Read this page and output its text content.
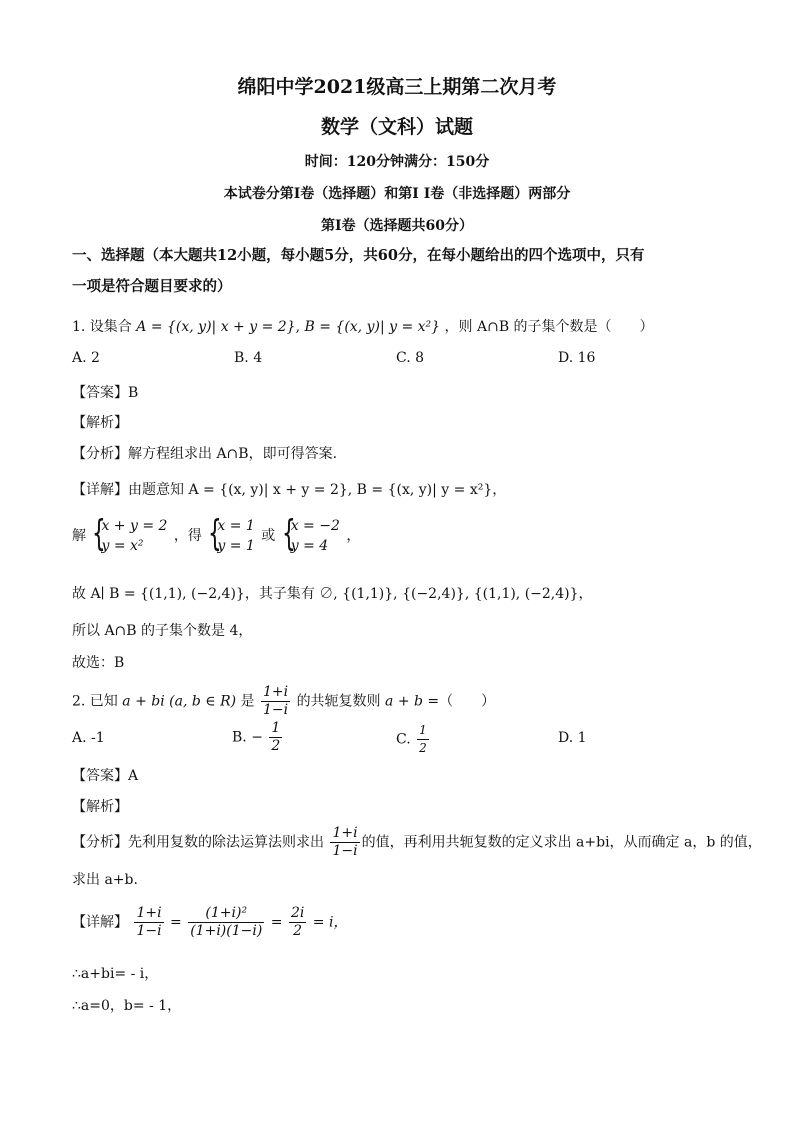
绵阳中学2021级高三上期第二次月考
数学（文科）试题
时间：120分钟满分：150分
本试卷分第I卷（选择题）和第I I卷（非选择题）两部分
第I卷（选择题共60分）
一、选择题（本大题共12小题，每小题5分，共60分，在每小题给出的四个选项中，只有
一项是符合题目要求的）
1. 设集合 A = {(x, y)| x + y = 2}, B = {(x, y)| y = x²} ，则 A∩B 的子集个数是（　　）
A. 2	B. 4	C. 8	D. 16
【答案】B
【解析】
【分析】解方程组求出 A∩B，即可得答案.
【详解】由题意知 A = {(x, y)| x + y = 2}, B = {(x, y)| y = x²}，
解 {
x + y = 2
y = x²
，得 {
x = 1
y = 1
或 {
x = −2
y = 4
，
故 A∣ B = {(1,1), (−2,4)}，其子集有 ∅, {(1,1)}, {(−2,4)}, {(1,1), (−2,4)}，
所以 A∩B 的子集个数是 4，
故选：B
2. 已知 a + bi (a, b ∈ R) 是 $\frac{1+i}{1-i}$ 的共轭复数则 a + b =（　　）
A. -1	B. − $\frac{1}{2}$	C. $\frac{1}{2}$	D. 1
【答案】A
【解析】
【分析】先利用复数的除法运算法则求出 $\frac{1+i}{1-i}$ 的值，再利用共轭复数的定义求出 a+bi，从而确定 a，b 的值，
求出 a+b.
【详解】 $\frac{1+i}{1-i} = \frac{\text{(1+i)²}}{(1+i)(1-i)} = \frac{2i}{2} = i$，
∴a+bi= - i，
∴a=0，b= - 1，
